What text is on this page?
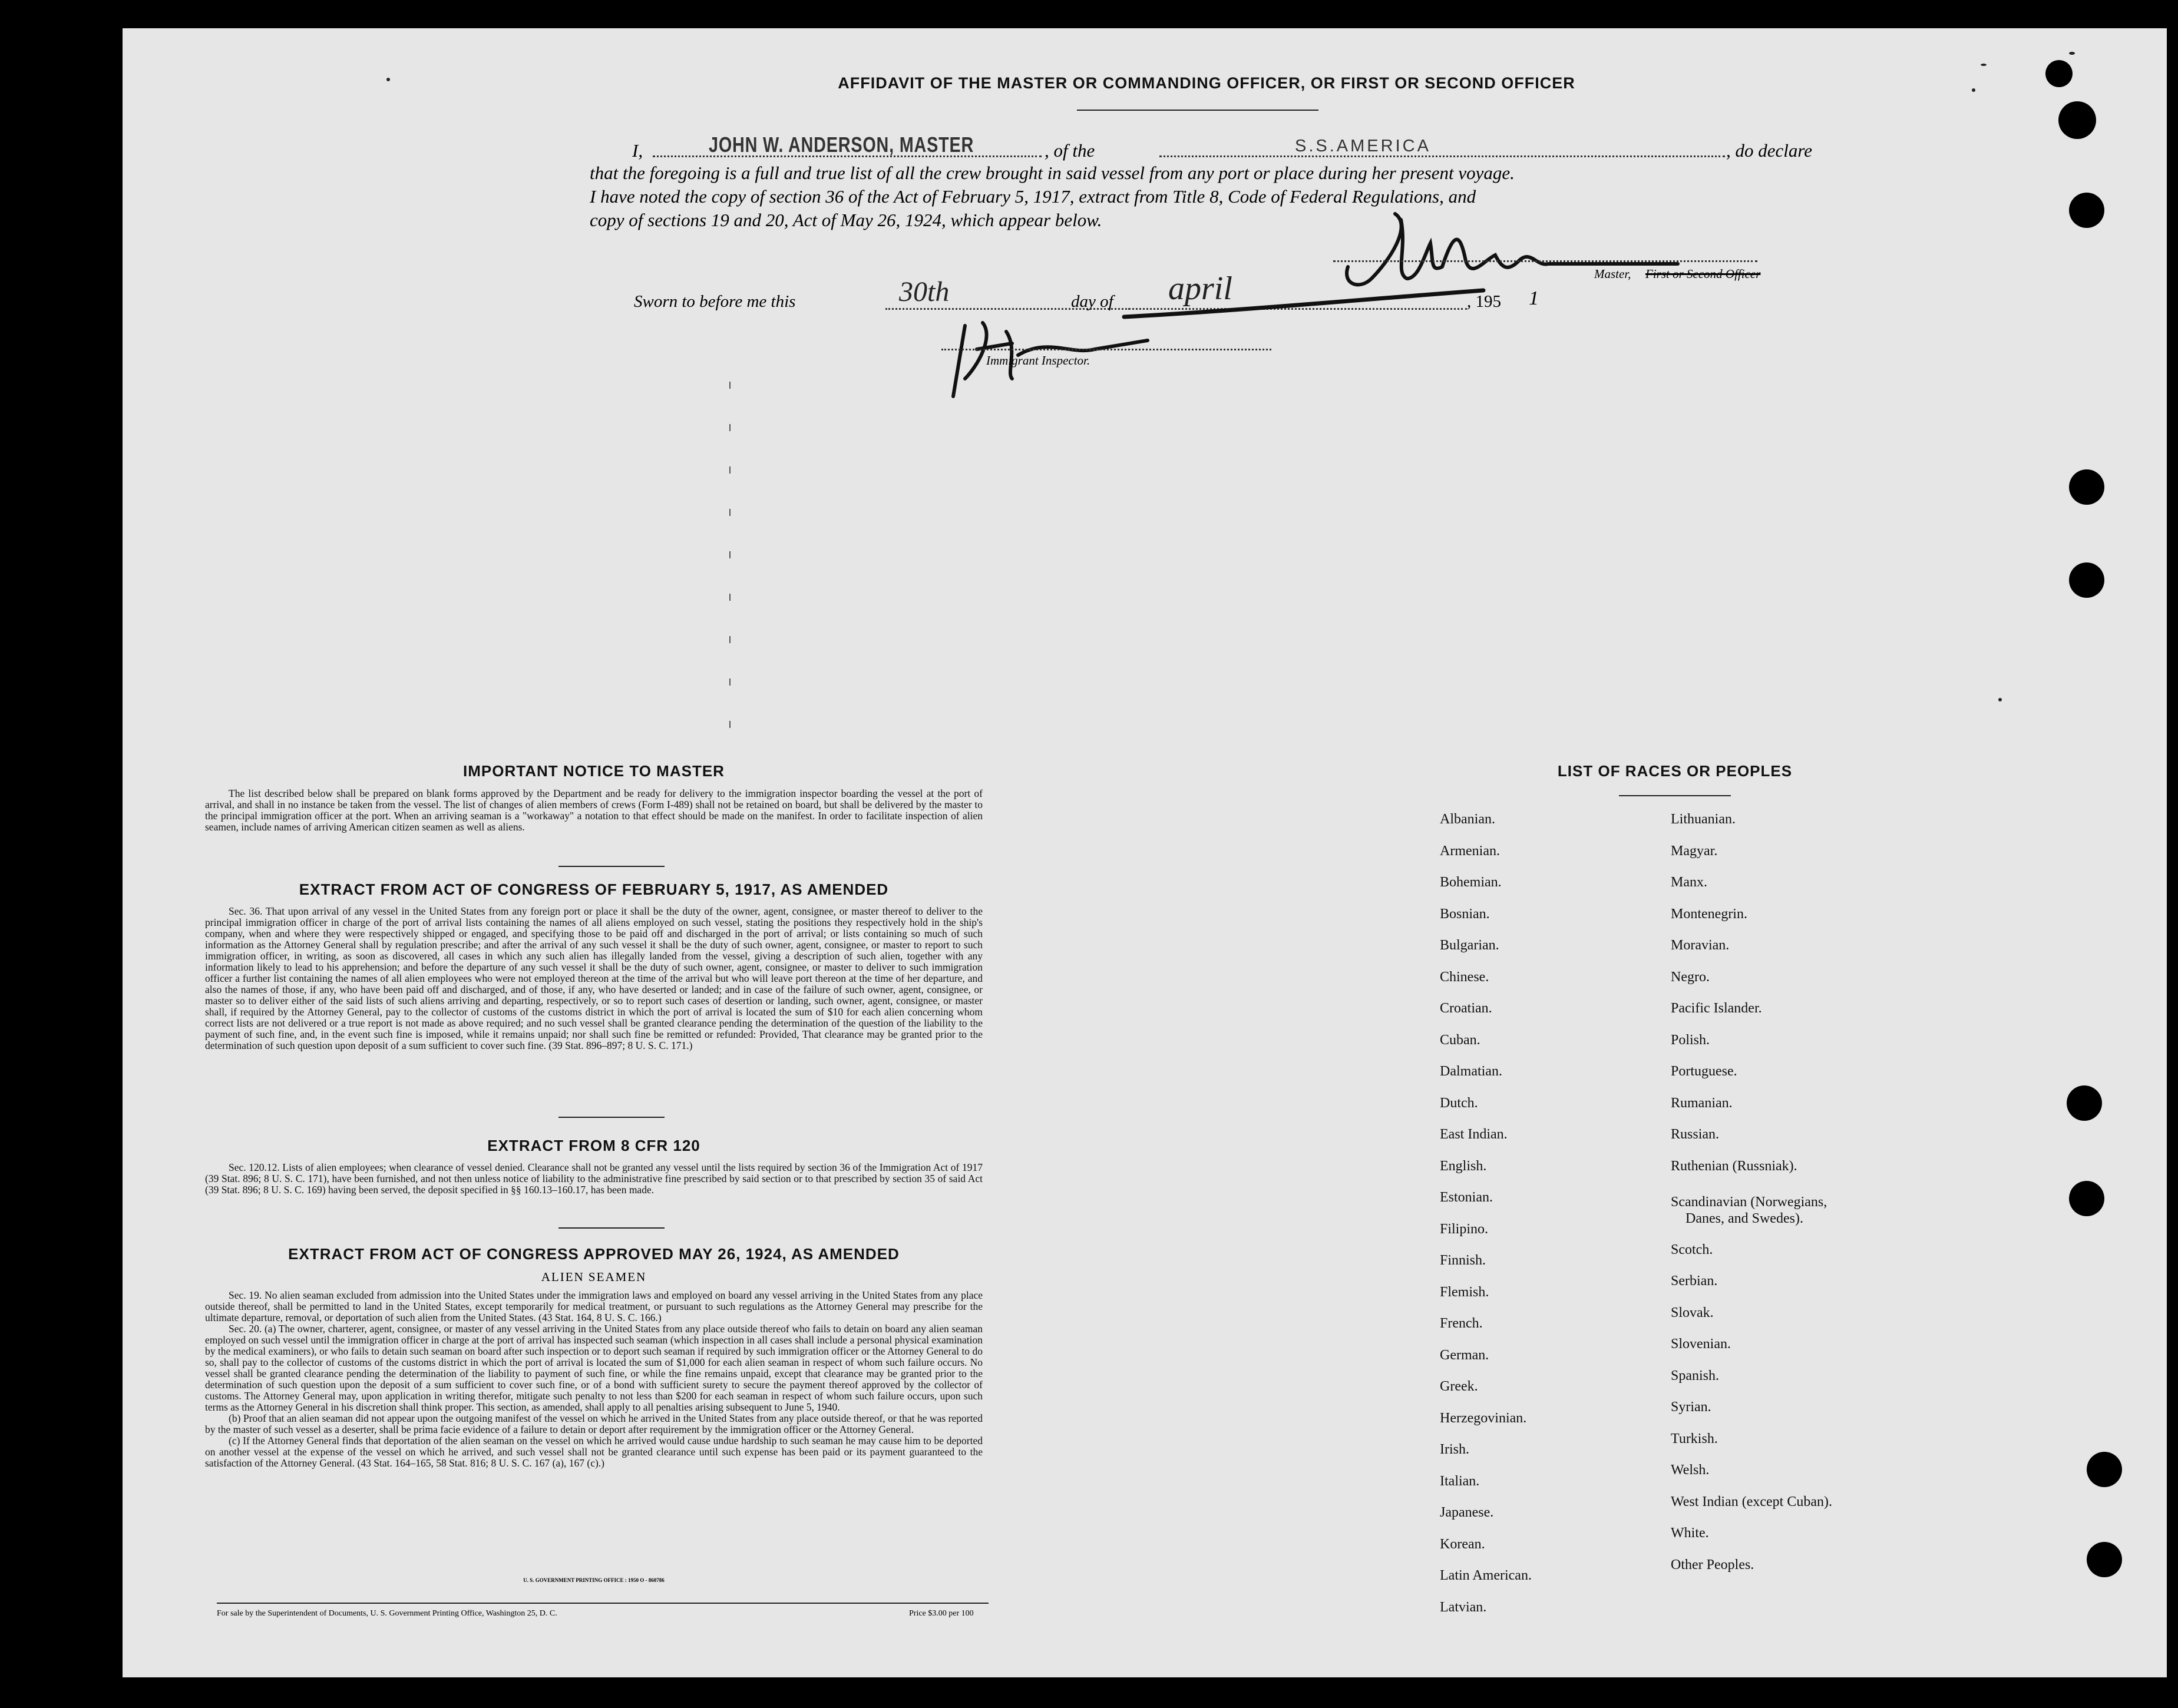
AFFIDAVIT OF THE MASTER OR COMMANDING OFFICER, OR FIRST OR SECOND OFFICER
I,	JOHN W. ANDERSON, MASTER	, of the	S.S.AMERICA	, do declare
that the foregoing is a full and true list of all the crew brought in said vessel from any port or place during her present voyage.
I have noted the copy of section 36 of the Act of February 5, 1917, extract from Title 8, Code of Federal Regulations, and
copy of sections 19 and 20, Act of May 26, 1924, which appear below.
Master, First or Second Officer
Sworn to before me this	30th	day of april	, 195 1
Immigrant Inspector.
IMPORTANT NOTICE TO MASTER

The list described below shall be prepared on blank forms approved by the Department and be ready for delivery to the immigration inspector boarding the vessel at the port of arrival, and shall in no instance be taken from the vessel. The list of changes of alien members of crews (Form I-489) shall not be retained on board, but shall be delivered by the master to the principal immigration officer at the port. When an arriving seaman is a "workaway" a notation to that effect should be made on the manifest. In order to facilitate inspection of alien seamen, include names of arriving American citizen seamen as well as aliens.

EXTRACT FROM ACT OF CONGRESS OF FEBRUARY 5, 1917, AS AMENDED

Sec. 36. That upon arrival of any vessel in the United States from any foreign port or place it shall be the duty of the owner, agent, consignee, or master thereof to deliver to the principal immigration officer in charge of the port of arrival lists containing the names of all aliens employed on such vessel, stating the positions they respectively hold in the ship's company, when and where they were respectively shipped or engaged, and specifying those to be paid off and discharged in the port of arrival; or lists containing so much of such information as the Attorney General shall by regulation prescribe; and after the arrival of any such vessel it shall be the duty of such owner, agent, consignee, or master to report to such immigration officer, in writing, as soon as discovered, all cases in which any such alien has illegally landed from the vessel, giving a description of such alien, together with any information likely to lead to his apprehension; and before the departure of any such vessel it shall be the duty of such owner, agent, consignee, or master to deliver to such immigration officer a further list containing the names of all alien employees who were not employed thereon at the time of the arrival but who will leave port thereon at the time of her departure, and also the names of those, if any, who have been paid off and discharged, and of those, if any, who have deserted or landed; and in case of the failure of such owner, agent, consignee, or master so to deliver either of the said lists of such aliens arriving and departing, respectively, or so to report such cases of desertion or landing, such owner, agent, consignee, or master shall, if required by the Attorney General, pay to the collector of customs of the customs district in which the port of arrival is located the sum of $10 for each alien concerning whom correct lists are not delivered or a true report is not made as above required; and no such vessel shall be granted clearance pending the determination of the question of the liability to the payment of such fine, and, in the event such fine is imposed, while it remains unpaid; nor shall such fine be remitted or refunded: Provided, That clearance may be granted prior to the determination of such question upon deposit of a sum sufficient to cover such fine. (39 Stat. 896–897; 8 U. S. C. 171.)

EXTRACT FROM 8 CFR 120

Sec. 120.12. Lists of alien employees; when clearance of vessel denied. Clearance shall not be granted any vessel until the lists required by section 36 of the Immigration Act of 1917 (39 Stat. 896; 8 U. S. C. 171), have been furnished, and not then unless notice of liability to the administrative fine prescribed by said section or to that prescribed by section 35 of said Act (39 Stat. 896; 8 U. S. C. 169) having been served, the deposit specified in §§ 160.13–160.17, has been made.

EXTRACT FROM ACT OF CONGRESS APPROVED MAY 26, 1924, AS AMENDED
ALIEN SEAMEN

Sec. 19. No alien seaman excluded from admission into the United States under the immigration laws and employed on board any vessel arriving in the United States from any place outside thereof, shall be permitted to land in the United States, except temporarily for medical treatment, or pursuant to such regulations as the Attorney General may prescribe for the ultimate departure, removal, or deportation of such alien from the United States. (43 Stat. 164, 8 U. S. C. 166.)

Sec. 20. (a) The owner, charterer, agent, consignee, or master of any vessel arriving in the United States from any place outside thereof who fails to detain on board any alien seaman employed on such vessel until the immigration officer in charge at the port of arrival has inspected such seaman (which inspection in all cases shall include a personal physical examination by the medical examiners), or who fails to detain such seaman on board after such inspection or to deport such seaman if required by such immigration officer or the Attorney General to do so, shall pay to the collector of customs of the customs district in which the port of arrival is located the sum of $1,000 for each alien seaman in respect of whom such failure occurs. No vessel shall be granted clearance pending the determination of the liability to payment of such fine, or while the fine remains unpaid, except that clearance may be granted prior to the determination of such question upon the deposit of a sum sufficient to cover such fine, or of a bond with sufficient surety to secure the payment thereof approved by the collector of customs. The Attorney General may, upon application in writing therefor, mitigate such penalty to not less than $200 for each seaman in respect of whom such failure occurs, upon such terms as the Attorney General in his discretion shall think proper. This section, as amended, shall apply to all penalties arising subsequent to June 5, 1940.

(b) Proof that an alien seaman did not appear upon the outgoing manifest of the vessel on which he arrived in the United States from any place outside thereof, or that he was reported by the master of such vessel as a deserter, shall be prima facie evidence of a failure to detain or deport after requirement by the immigration officer or the Attorney General.

(c) If the Attorney General finds that deportation of the alien seaman on the vessel on which he arrived would cause undue hardship to such seaman he may cause him to be deported on another vessel at the expense of the vessel on which he arrived, and such vessel shall not be granted clearance until such expense has been paid or its payment guaranteed to the satisfaction of the Attorney General. (43 Stat. 164–165, 58 Stat. 816; 8 U. S. C. 167 (a), 167 (c).)

U. S. GOVERNMENT PRINTING OFFICE : 1950 O - 860786
For sale by the Superintendent of Documents, U. S. Government Printing Office, Washington 25, D. C.	Price $3.00 per 100
LIST OF RACES OR PEOPLES
Albanian.
Armenian.
Bohemian.
Bosnian.
Bulgarian.
Chinese.
Croatian.
Cuban.
Dalmatian.
Dutch.
East Indian.
English.
Estonian.
Filipino.
Finnish.
Flemish.
French.
German.
Greek.
Herzegovinian.
Irish.
Italian.
Japanese.
Korean.
Latin American.
Latvian.
Lithuanian.
Magyar.
Manx.
Montenegrin.
Moravian.
Negro.
Pacific Islander.
Polish.
Portuguese.
Rumanian.
Russian.
Ruthenian (Russniak).
Scandinavian (Norwegians,
Danes, and Swedes).
Scotch.
Serbian.
Slovak.
Slovenian.
Spanish.
Syrian.
Turkish.
Welsh.
West Indian (except Cuban).
White.
Other Peoples.
